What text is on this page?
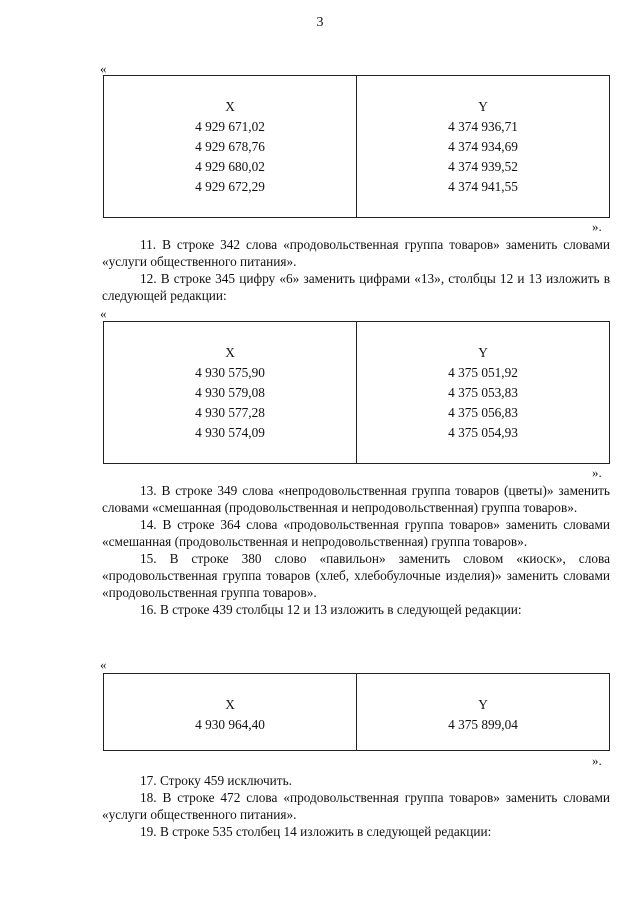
3
«
X
4 929 671,02
4 929 678,76
4 929 680,02
4 929 672,29

Y
4 374 936,71
4 374 934,69
4 374 939,52
4 374 941,55
».

11. В строке 342 слова «продовольственная группа товаров» заменить словами «услуги общественного питания».

12. В строке 345 цифру «6» заменить цифрами «13», столбцы 12 и 13 изложить в следующей редакции:

«
X
4 930 575,90
4 930 579,08
4 930 577,28
4 930 574,09

Y
4 375 051,92
4 375 053,83
4 375 056,83
4 375 054,93
».

13. В строке 349 слова «непродовольственная группа товаров (цветы)» заменить словами «смешанная (продовольственная и непродовольственная) группа товаров».

14. В строке 364 слова «продовольственная группа товаров» заменить словами «смешанная (продовольственная и непродовольственная) группа товаров».

15. В строке 380 слово «павильон» заменить словом «киоск», слова «продовольственная группа товаров (хлеб, хлебобулочные изделия)» заменить словами «продовольственная группа товаров».

16. В строке 439 столбцы 12 и 13 изложить в следующей редакции:

«
X
4 930 964,40

Y
4 375 899,04
».

17. Строку 459 исключить.

18. В строке 472 слова «продовольственная группа товаров» заменить словами «услуги общественного питания».

19. В строке 535 столбец 14 изложить в следующей редакции:
